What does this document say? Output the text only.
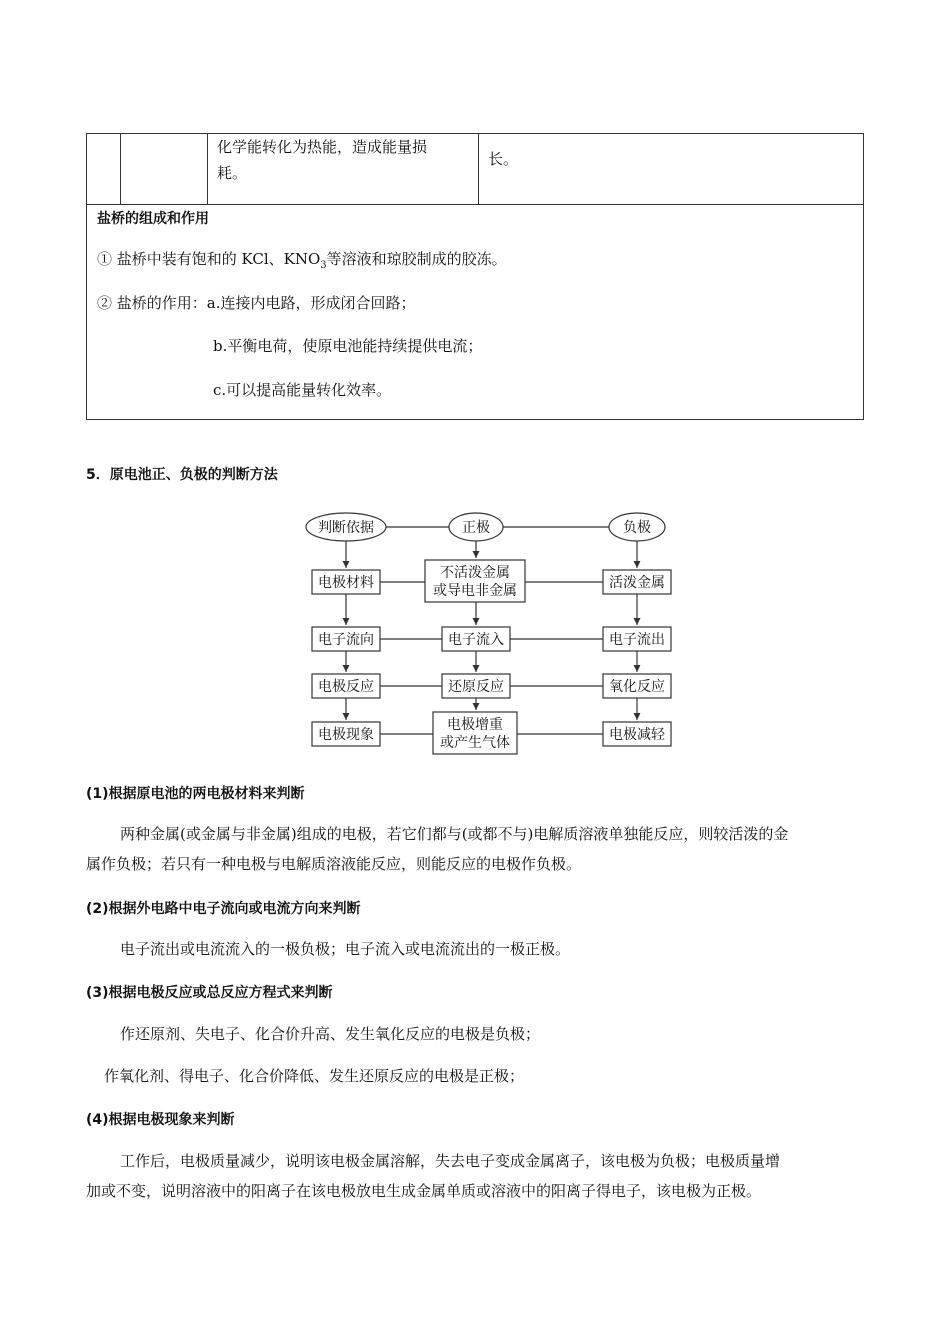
化学能转化为热能，造成能量损
耗。
长。
盐桥的组成和作用
① 盐桥中装有饱和的 KCl、$KNO_3$等溶液和琼胶制成的胶冻。
② 盐桥的作用：a.连接内电路，形成闭合回路；
b.平衡电荷，使原电池能持续提供电流；
c.可以提高能量转化效率。
5．原电池正、负极的判断方法
判断依据	正极	负极
电极材料
电子流向
电极反应
电极现象
不活泼金属
或导电非金属
电子流入
还原反应
电极增重
或产生气体
活泼金属
电子流出
氧化反应
电极减轻
(1)根据原电池的两电极材料来判断
两种金属(或金属与非金属)组成的电极，若它们都与(或都不与)电解质溶液单独能反应，则较活泼的金
属作负极；若只有一种电极与电解质溶液能反应，则能反应的电极作负极。
(2)根据外电路中电子流向或电流方向来判断
电子流出或电流流入的一极负极；电子流入或电流流出的一极正极。
(3)根据电极反应或总反应方程式来判断
作还原剂、失电子、化合价升高、发生氧化反应的电极是负极；
作氧化剂、得电子、化合价降低、发生还原反应的电极是正极；
(4)根据电极现象来判断
工作后，电极质量减少，说明该电极金属溶解，失去电子变成金属离子，该电极为负极；电极质量增
加或不变，说明溶液中的阳离子在该电极放电生成金属单质或溶液中的阳离子得电子，该电极为正极。
